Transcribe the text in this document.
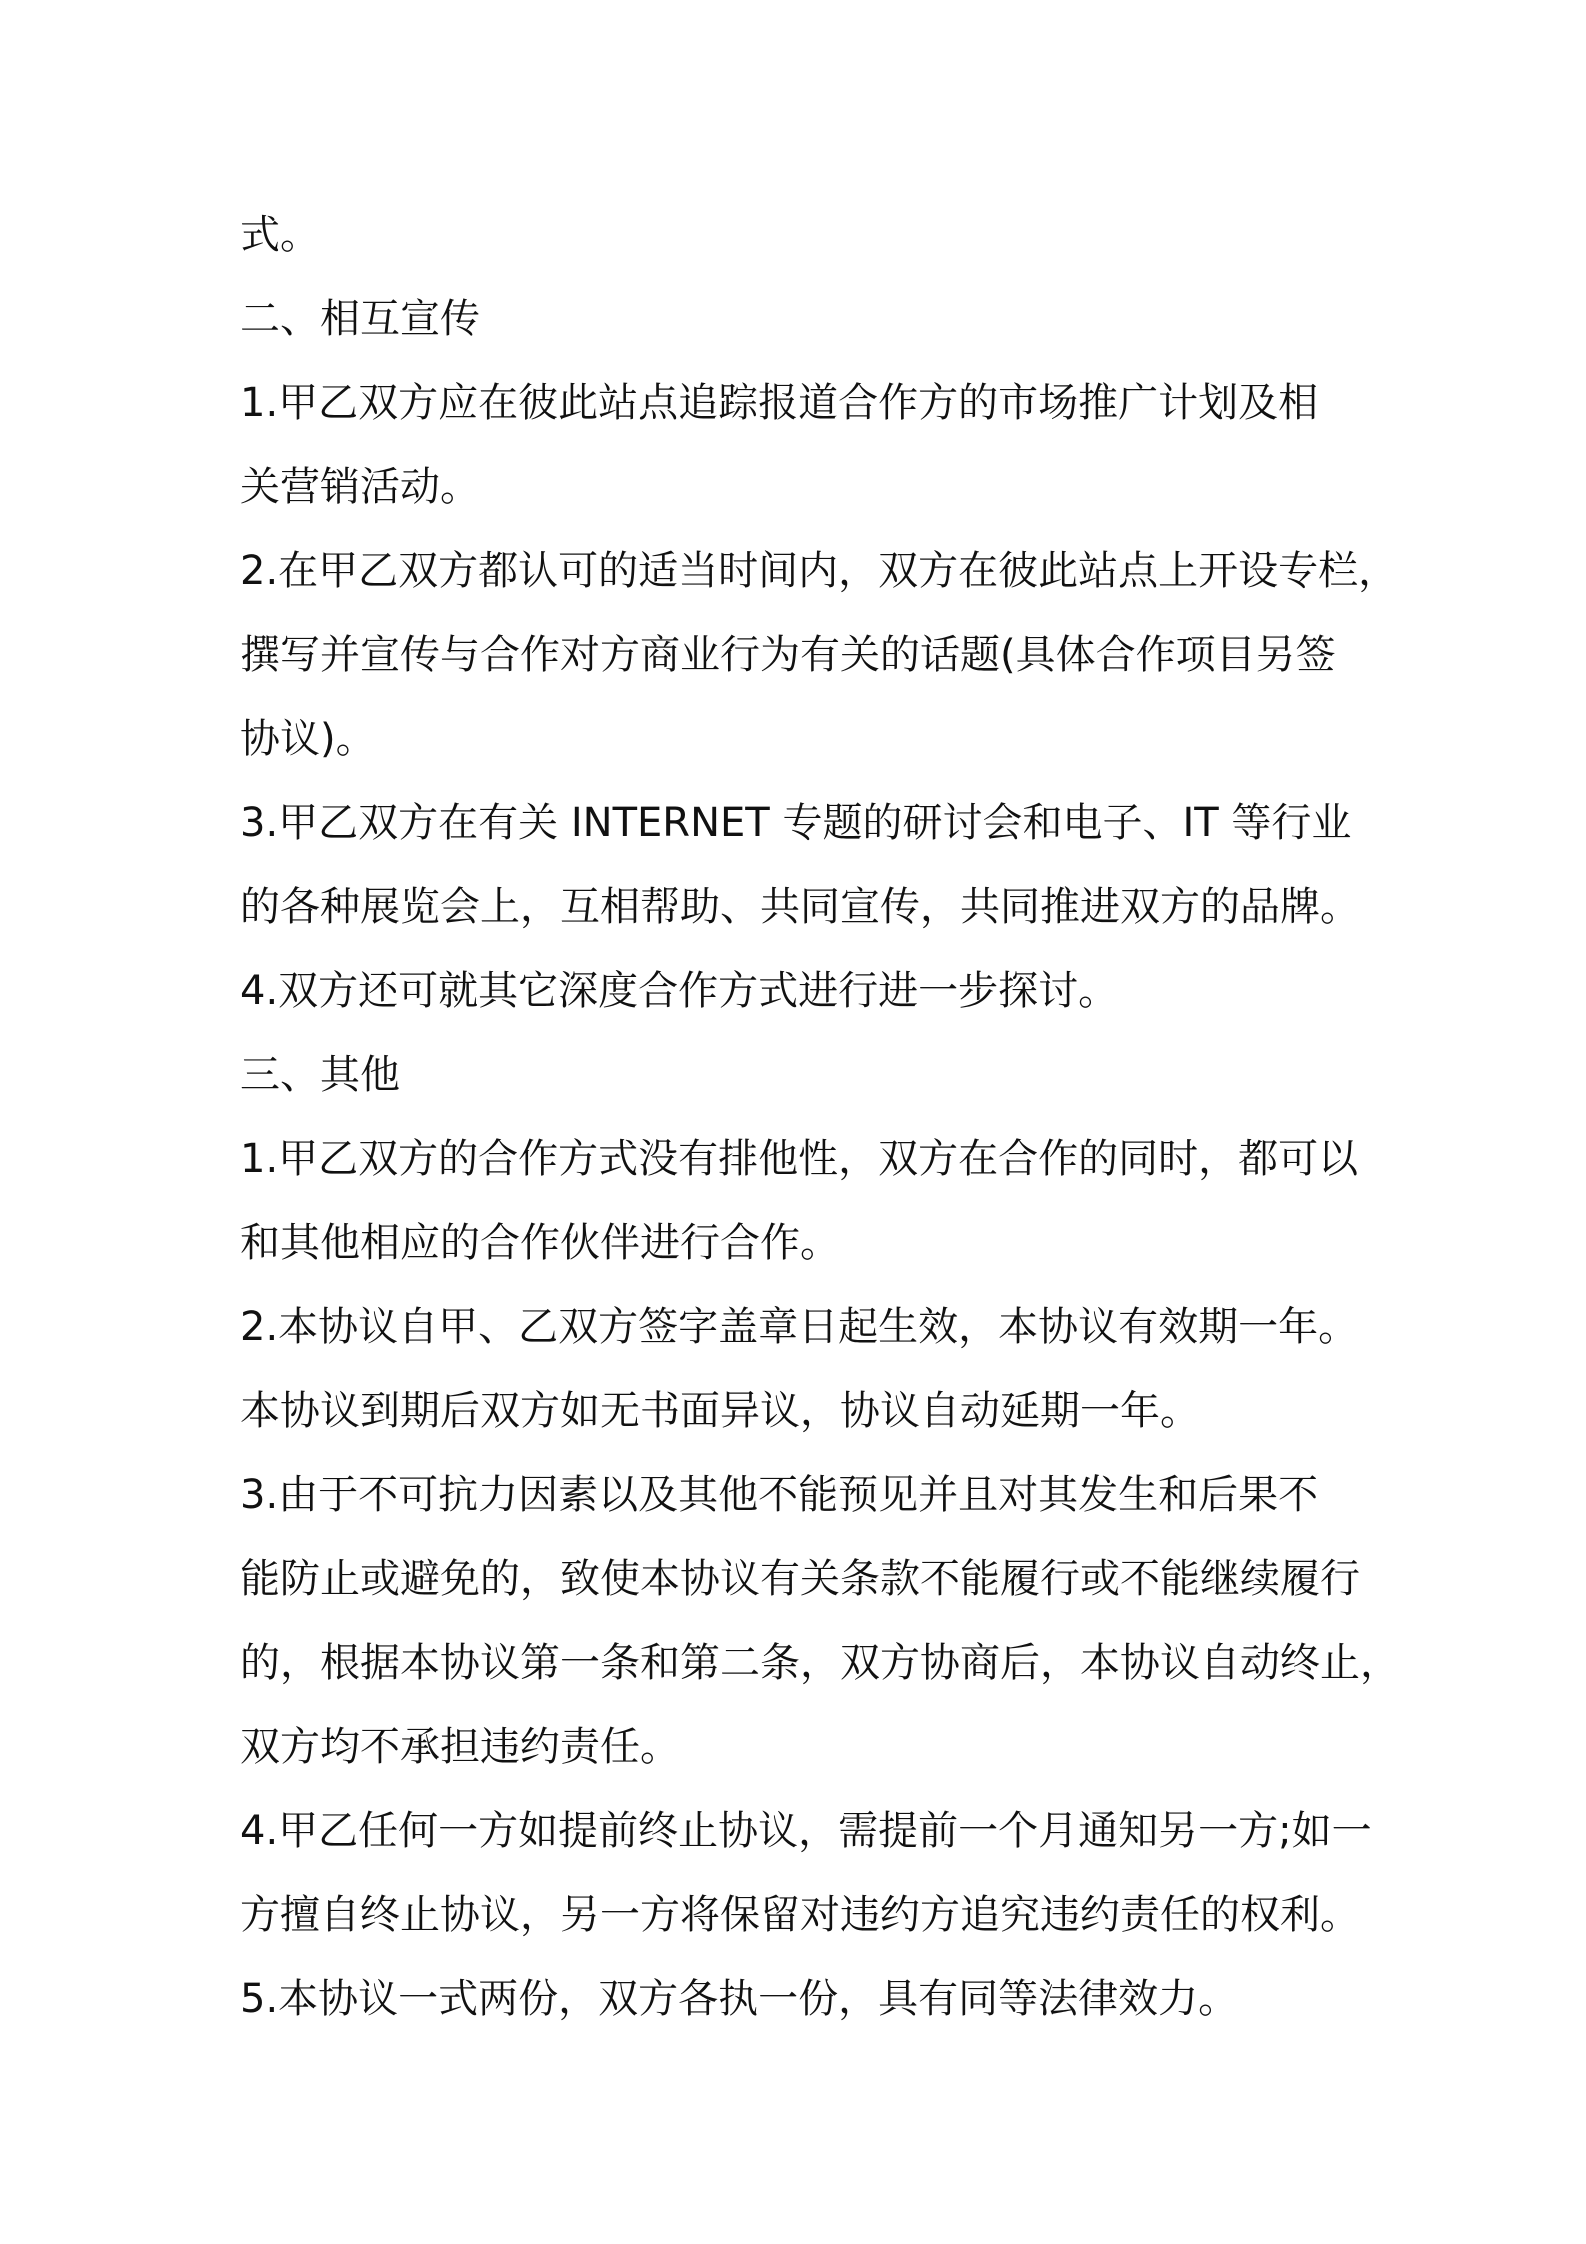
式。
二、相互宣传
1.甲乙双方应在彼此站点追踪报道合作方的市场推广计划及相
关营销活动。
2.在甲乙双方都认可的适当时间内，双方在彼此站点上开设专栏，
撰写并宣传与合作对方商业行为有关的话题(具体合作项目另签
协议)。
3.甲乙双方在有关 INTERNET 专题的研讨会和电子、IT 等行业
的各种展览会上，互相帮助、共同宣传，共同推进双方的品牌。
4.双方还可就其它深度合作方式进行进一步探讨。
三、其他
1.甲乙双方的合作方式没有排他性，双方在合作的同时，都可以
和其他相应的合作伙伴进行合作。
2.本协议自甲、乙双方签字盖章日起生效，本协议有效期一年。
本协议到期后双方如无书面异议，协议自动延期一年。
3.由于不可抗力因素以及其他不能预见并且对其发生和后果不
能防止或避免的，致使本协议有关条款不能履行或不能继续履行
的，根据本协议第一条和第二条，双方协商后，本协议自动终止，
双方均不承担违约责任。
4.甲乙任何一方如提前终止协议，需提前一个月通知另一方;如一
方擅自终止协议，另一方将保留对违约方追究违约责任的权利。
5.本协议一式两份，双方各执一份，具有同等法律效力。
